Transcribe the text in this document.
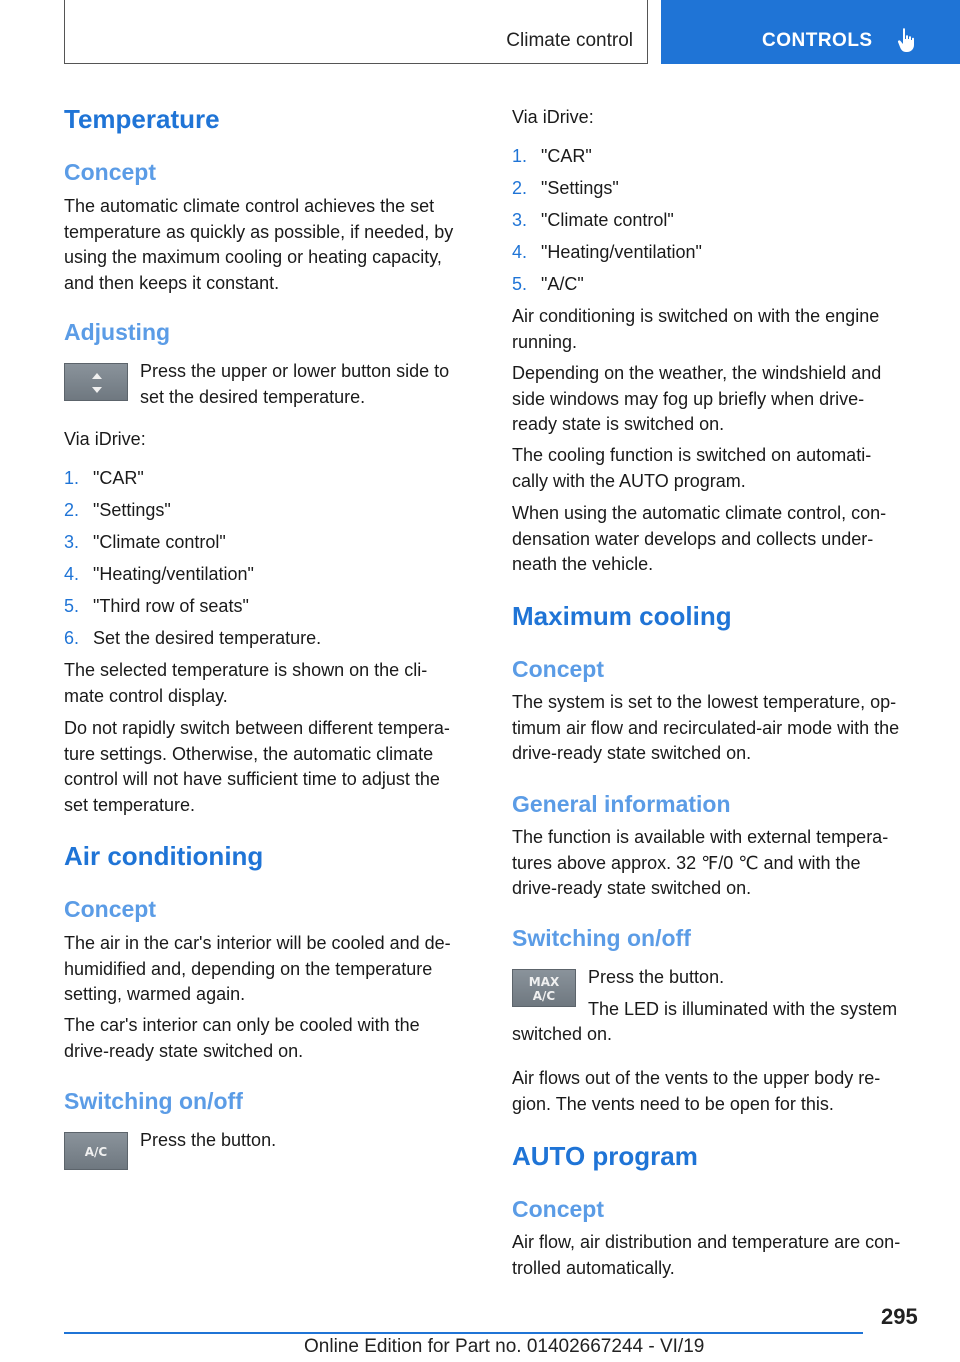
Climate control	CONTROLS
Temperature
Concept
The automatic climate control achieves the set
temperature as quickly as possible, if needed, by
using the maximum cooling or heating capacity,
and then keeps it constant.
Adjusting
Press the upper or lower button side to
set the desired temperature.
Via iDrive:
1. "CAR"
2. "Settings"
3. "Climate control"
4. "Heating/ventilation"
5. "Third row of seats"
6. Set the desired temperature.
The selected temperature is shown on the cli‐
mate control display.
Do not rapidly switch between different tempera‐
ture settings. Otherwise, the automatic climate
control will not have sufficient time to adjust the
set temperature.
Air conditioning
Concept
The air in the car's interior will be cooled and de‐
humidified and, depending on the temperature
setting, warmed again.
The car's interior can only be cooled with the
drive-ready state switched on.
Switching on/off
A/C
Press the button.
Via iDrive:
1. "CAR"
2. "Settings"
3. "Climate control"
4. "Heating/ventilation"
5. "A/C"
Air conditioning is switched on with the engine
running.
Depending on the weather, the windshield and
side windows may fog up briefly when drive-
ready state is switched on.
The cooling function is switched on automati‐
cally with the AUTO program.
When using the automatic climate control, con‐
densation water develops and collects under‐
neath the vehicle.
Maximum cooling
Concept
The system is set to the lowest temperature, op‐
timum air flow and recirculated-air mode with the
drive-ready state switched on.
General information
The function is available with external tempera‐
tures above approx. 32 ℉/0 ℃ and with the
drive-ready state switched on.
Switching on/off
MAX
A/C
Press the button.
The LED is illuminated with the system
switched on.
Air flows out of the vents to the upper body re‐
gion. The vents need to be open for this.
AUTO program
Concept
Air flow, air distribution and temperature are con‐
trolled automatically.
295
Online Edition for Part no. 01402667244 - VI/19
